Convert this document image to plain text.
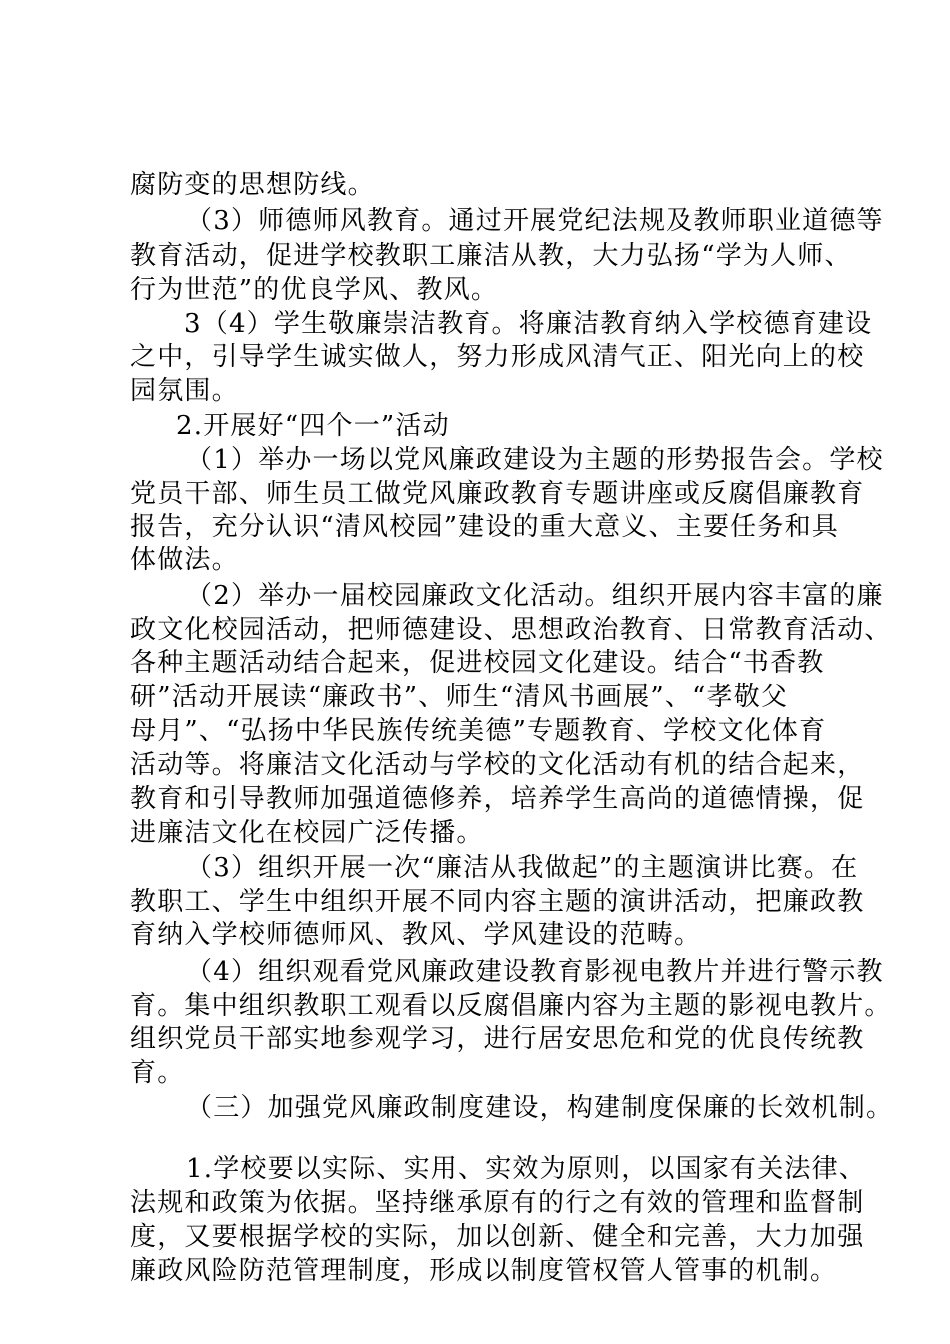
腐防变的思想防线。

（3）师德师风教育。通过开展党纪法规及教师职业道德等

教育活动，促进学校教职工廉洁从教，大力弘扬“学为人师、

行为世范”的优良学风、教风。

3（4）学生敬廉崇洁教育。将廉洁教育纳入学校德育建设

之中，引导学生诚实做人，努力形成风清气正、阳光向上的校

园氛围。

2.开展好“四个一”活动

（1）举办一场以党风廉政建设为主题的形势报告会。学校

党员干部、师生员工做党风廉政教育专题讲座或反腐倡廉教育

报告，充分认识“清风校园”建设的重大意义、主要任务和具

体做法。

（2）举办一届校园廉政文化活动。组织开展内容丰富的廉

政文化校园活动，把师德建设、思想政治教育、日常教育活动、

各种主题活动结合起来，促进校园文化建设。结合“书香教

研”活动开展读“廉政书”、师生“清风书画展”、“孝敬父

母月”、“弘扬中华民族传统美德”专题教育、学校文化体育

活动等。将廉洁文化活动与学校的文化活动有机的结合起来，

教育和引导教师加强道德修养，培养学生高尚的道德情操，促

进廉洁文化在校园广泛传播。

（3）组织开展一次“廉洁从我做起”的主题演讲比赛。在

教职工、学生中组织开展不同内容主题的演讲活动，把廉政教

育纳入学校师德师风、教风、学风建设的范畴。

（4）组织观看党风廉政建设教育影视电教片并进行警示教

育。集中组织教职工观看以反腐倡廉内容为主题的影视电教片。

组织党员干部实地参观学习，进行居安思危和党的优良传统教

育。

（三）加强党风廉政制度建设，构建制度保廉的长效机制。

1.学校要以实际、实用、实效为原则，以国家有关法律、

法规和政策为依据。坚持继承原有的行之有效的管理和监督制

度，又要根据学校的实际，加以创新、健全和完善，大力加强

廉政风险防范管理制度，形成以制度管权管人管事的机制。
